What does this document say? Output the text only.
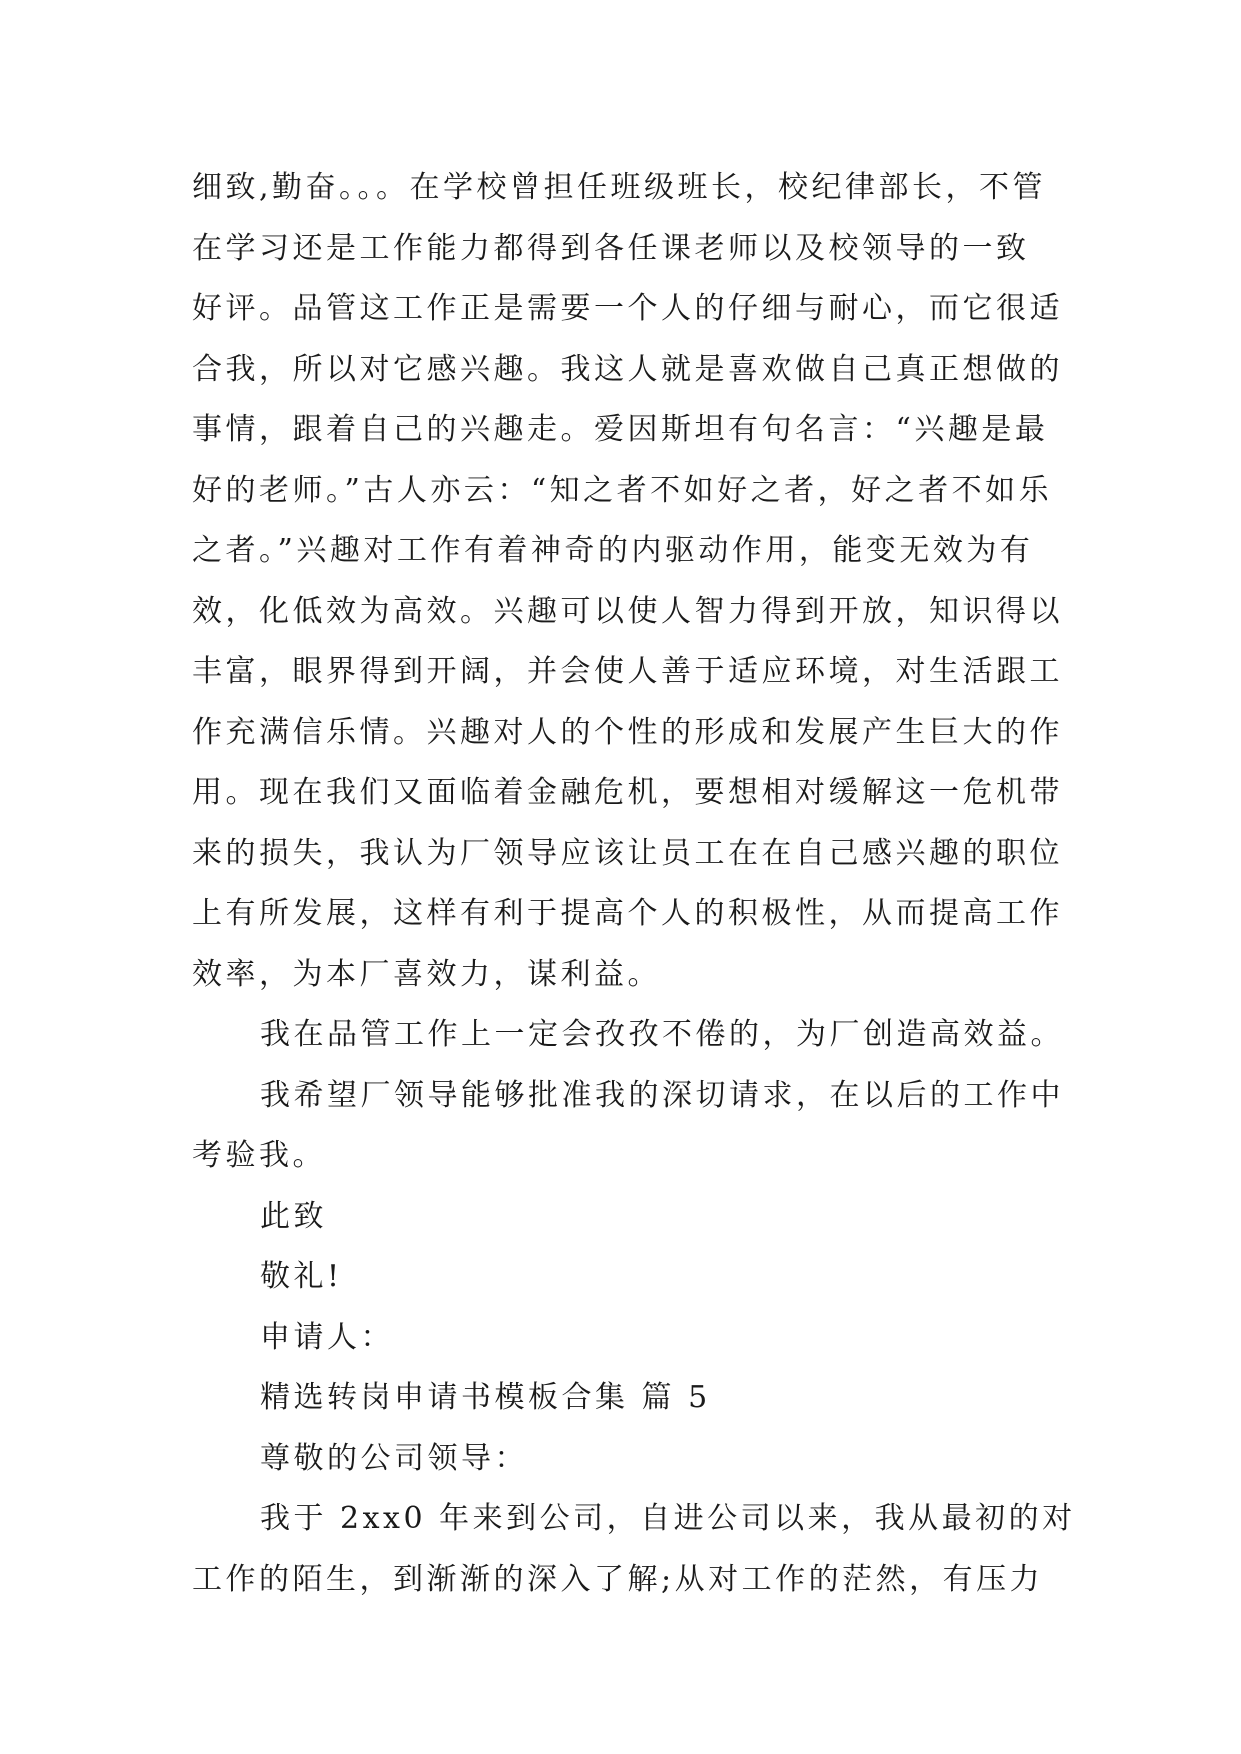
细致,勤奋。。。在学校曾担任班级班长，校纪律部长，不管
在学习还是工作能力都得到各任课老师以及校领导的一致
好评。品管这工作正是需要一个人的仔细与耐心，而它很适
合我，所以对它感兴趣。我这人就是喜欢做自己真正想做的
事情，跟着自己的兴趣走。爱因斯坦有句名言：“兴趣是最
好的老师。”古人亦云：“知之者不如好之者，好之者不如乐
之者。”兴趣对工作有着神奇的内驱动作用，能变无效为有
效，化低效为高效。兴趣可以使人智力得到开放，知识得以
丰富，眼界得到开阔，并会使人善于适应环境，对生活跟工
作充满信乐情。兴趣对人的个性的形成和发展产生巨大的作
用。现在我们又面临着金融危机，要想相对缓解这一危机带
来的损失，我认为厂领导应该让员工在在自己感兴趣的职位
上有所发展，这样有利于提高个人的积极性，从而提高工作
效率，为本厂喜效力，谋利益。
我在品管工作上一定会孜孜不倦的，为厂创造高效益。
我希望厂领导能够批准我的深切请求，在以后的工作中
考验我。
此致
敬礼!
申请人：
精选转岗申请书模板合集 篇 5
尊敬的公司领导：
我于 2xx0 年来到公司，自进公司以来，我从最初的对
工作的陌生，到渐渐的深入了解;从对工作的茫然，有压力
